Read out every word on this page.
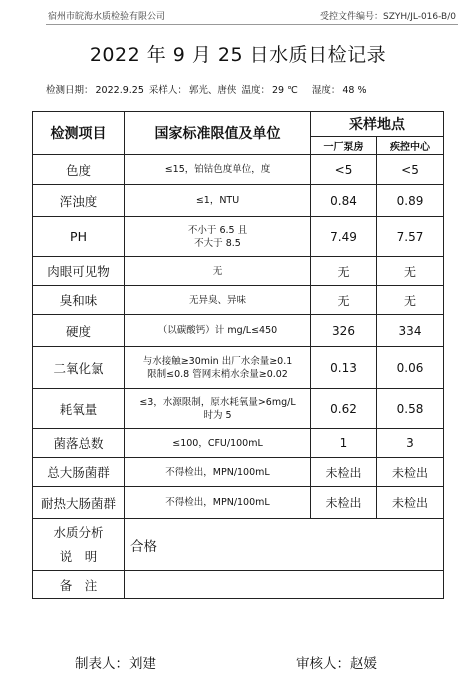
宿州市皖海水质检验有限公司	受控文件编号：SZYH/JL-016-B/0
2022 年 9 月 25 日水质日检记录
检测日期： 2022.9.25 采样人： 郭光、唐侠 温度： 29 ℃ 湿度： 48 %
检测项目	国家标准限值及单位	采样地点	
		一厂泵房	疾控中心
色度	≤15，铂钴色度单位，度	<5	<5
浑浊度	≤1，NTU	0.84	0.89
PH	不小于 6.5 且
不大于 8.5	7.49	7.57
肉眼可见物	无	无	无
臭和味	无异臭、异味	无	无
硬度	（以碳酸钙）计 mg/L≤450	326	334
二氧化氯	与水接触≥30min 出厂水余量≥0.1
限制≤0.8 管网末梢水余量≥0.02	0.13	0.06
耗氧量	≤3，水源限制，原水耗氧量>6mg/L
时为 5	0.62	0.58
菌落总数	≤100，CFU/100mL	1	3
总大肠菌群	不得检出，MPN/100mL	未检出	未检出
耐热大肠菌群	不得检出，MPN/100mL	未检出	未检出

水质分析
说　明	合格		
备　注			
制表人：刘建	审核人：赵媛
